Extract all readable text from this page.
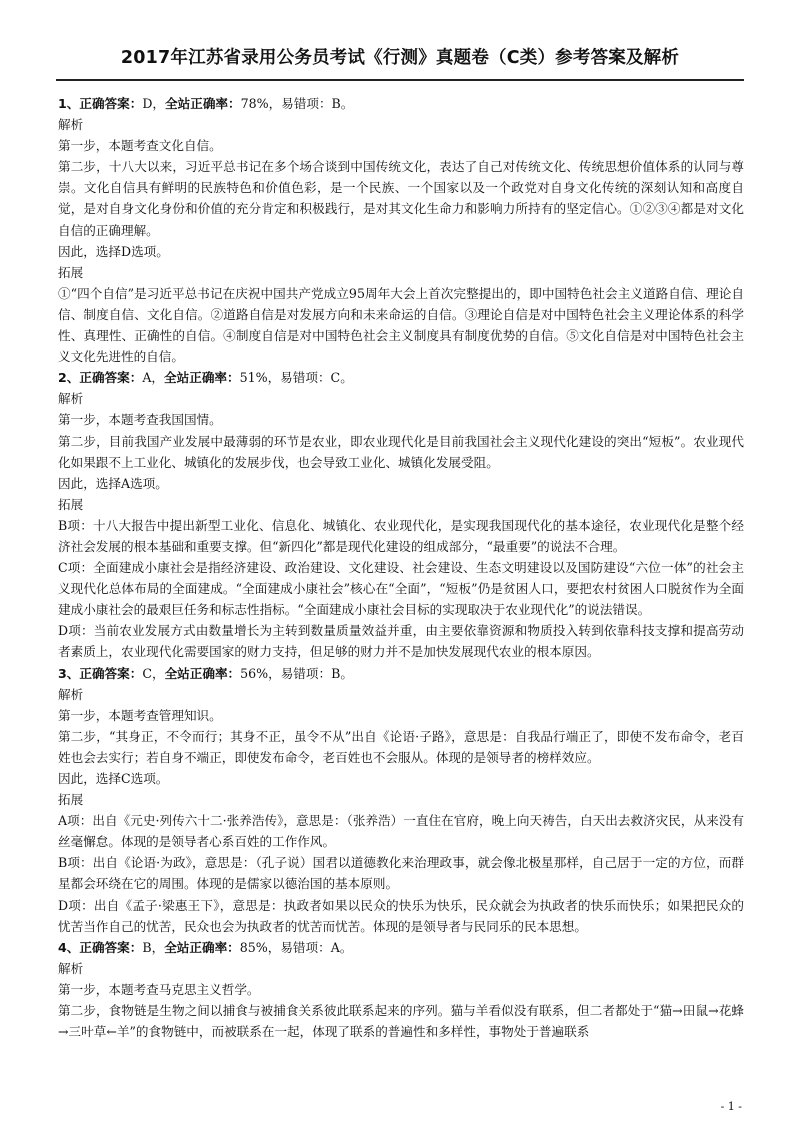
2017年江苏省录用公务员考试《行测》真题卷（C类）参考答案及解析

1、正确答案：D，全站正确率：78%，易错项：B。

解析

第一步，本题考查文化自信。

第二步，十八大以来，习近平总书记在多个场合谈到中国传统文化，表达了自己对传统文化、传统思想价值体系的认同与尊崇。文化自信具有鲜明的民族特色和价值色彩，是一个民族、一个国家以及一个政党对自身文化传统的深刻认知和高度自觉，是对自身文化身份和价值的充分肯定和积极践行，是对其文化生命力和影响力所持有的坚定信心。①②③④都是对文化自信的正确理解。

因此，选择D选项。

拓展

①“四个自信”是习近平总书记在庆祝中国共产党成立95周年大会上首次完整提出的，即中国特色社会主义道路自信、理论自信、制度自信、文化自信。②道路自信是对发展方向和未来命运的自信。③理论自信是对中国特色社会主义理论体系的科学性、真理性、正确性的自信。④制度自信是对中国特色社会主义制度具有制度优势的自信。⑤文化自信是对中国特色社会主义文化先进性的自信。

2、正确答案：A，全站正确率：51%，易错项：C。

解析

第一步，本题考查我国国情。

第二步，目前我国产业发展中最薄弱的环节是农业，即农业现代化是目前我国社会主义现代化建设的突出“短板”。农业现代化如果跟不上工业化、城镇化的发展步伐，也会导致工业化、城镇化发展受阻。

因此，选择A选项。

拓展

B项：十八大报告中提出新型工业化、信息化、城镇化、农业现代化，是实现我国现代化的基本途径，农业现代化是整个经济社会发展的根本基础和重要支撑。但“新四化”都是现代化建设的组成部分，“最重要”的说法不合理。

C项：全面建成小康社会是指经济建设、政治建设、文化建设、社会建设、生态文明建设以及国防建设“六位一体”的社会主义现代化总体布局的全面建成。“全面建成小康社会”核心在“全面”，“短板”仍是贫困人口，要把农村贫困人口脱贫作为全面建成小康社会的最艰巨任务和标志性指标。“全面建成小康社会目标的实现取决于农业现代化”的说法错误。

D项：当前农业发展方式由数量增长为主转到数量质量效益并重，由主要依靠资源和物质投入转到依靠科技支撑和提高劳动者素质上，农业现代化需要国家的财力支持，但足够的财力并不是加快发展现代农业的根本原因。

3、正确答案：C，全站正确率：56%，易错项：B。

解析

第一步，本题考查管理知识。

第二步，“其身正，不令而行；其身不正，虽令不从”出自《论语·子路》，意思是：自我品行端正了，即使不发布命令，老百姓也会去实行；若自身不端正，即使发布命令，老百姓也不会服从。体现的是领导者的榜样效应。

因此，选择C选项。

拓展

A项：出自《元史·列传六十二·张养浩传》，意思是：（张养浩）一直住在官府，晚上向天祷告，白天出去救济灾民，从来没有丝毫懈怠。体现的是领导者心系百姓的工作作风。

B项：出自《论语·为政》，意思是：（孔子说）国君以道德教化来治理政事，就会像北极星那样，自己居于一定的方位，而群星都会环绕在它的周围。体现的是儒家以德治国的基本原则。

D项：出自《孟子·梁惠王下》，意思是：执政者如果以民众的快乐为快乐，民众就会为执政者的快乐而快乐；如果把民众的忧苦当作自己的忧苦，民众也会为执政者的忧苦而忧苦。体现的是领导者与民同乐的民本思想。

4、正确答案：B，全站正确率：85%，易错项：A。

解析

第一步，本题考查马克思主义哲学。

第二步，食物链是生物之间以捕食与被捕食关系彼此联系起来的序列。猫与羊看似没有联系，但二者都处于“猫→田鼠→花蜂→三叶草←羊”的食物链中，而被联系在一起，体现了联系的普遍性和多样性，事物处于普遍联系

- 1 -
